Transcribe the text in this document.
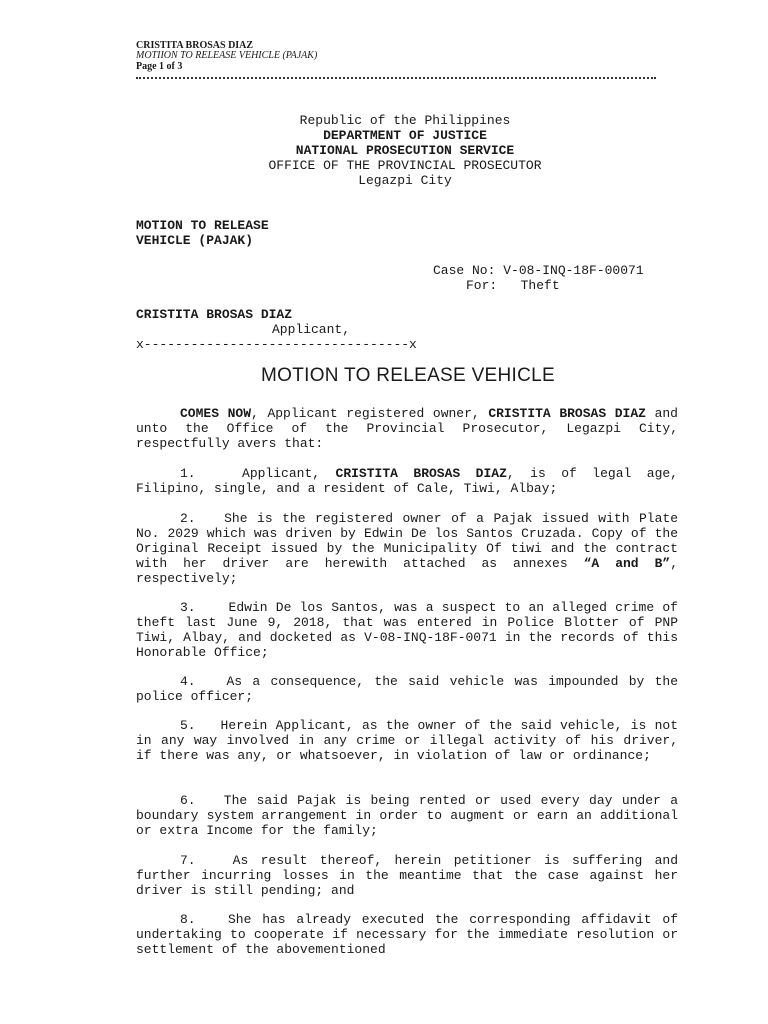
CRISTITA BROSAS DIAZ
MOTIION TO RELEASE VEHICLE (PAJAK)
Page 1 of 3
Republic of the Philippines
DEPARTMENT OF JUSTICE
NATIONAL PROSECUTION SERVICE
OFFICE OF THE PROVINCIAL PROSECUTOR
Legazpi City
MOTION TO RELEASE
VEHICLE (PAJAK)
Case No: V-08-INQ-18F-00071
For:   Theft
CRISTITA BROSAS DIAZ
Applicant,
x----------------------------------x
MOTION TO RELEASE VEHICLE
COMES NOW, Applicant registered owner, CRISTITA BROSAS DIAZ and unto the Office of the Provincial Prosecutor, Legazpi City, respectfully avers that:
1.	Applicant, CRISTITA BROSAS DIAZ, is of legal age, Filipino, single, and a resident of Cale, Tiwi, Albay;
2. She is the registered owner of a Pajak issued with Plate No. 2029 which was driven by Edwin De los Santos Cruzada. Copy of the Original Receipt issued by the Municipality Of tiwi and the contract with her driver are herewith attached as annexes “A and B”, respectively;
3.	Edwin De los Santos, was a suspect to an alleged crime of theft last June 9, 2018, that was entered in Police Blotter of PNP Tiwi, Albay, and docketed as V-08-INQ-18F-0071 in the records of this Honorable Office;
4. As a consequence, the said vehicle was impounded by the police officer;
5. Herein Applicant, as the owner of the said vehicle, is not in any way involved in any crime or illegal activity of his driver, if there was any, or whatsoever, in violation of law or ordinance;
6. The said Pajak is being rented or used every day under a boundary system arrangement in order to augment or earn an additional or extra Income for the family;
7.	As result thereof, herein petitioner is suffering and further incurring losses in the meantime that the case against her driver is still pending; and
8. She has already executed the corresponding affidavit of undertaking to cooperate if necessary for the immediate resolution or settlement of the abovementioned
